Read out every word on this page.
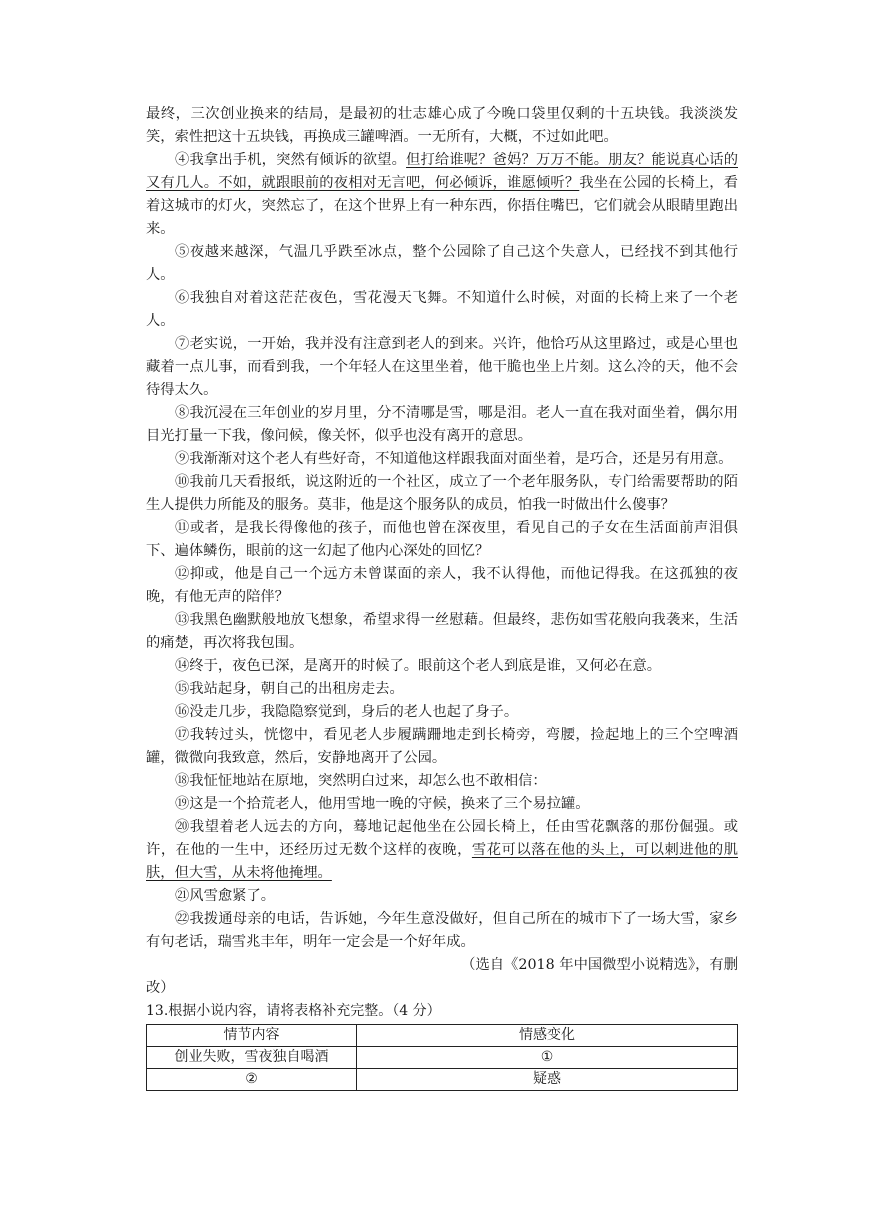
最终，三次创业换来的结局，是最初的壮志雄心成了今晚口袋里仅剩的十五块钱。我淡淡发笑，索性把这十五块钱，再换成三罐啤酒。一无所有，大概，不过如此吧。

④我拿出手机，突然有倾诉的欲望。但打给谁呢？爸妈？万万不能。朋友？能说真心话的又有几人。不如，就跟眼前的夜相对无言吧，何必倾诉，谁愿倾听？我坐在公园的长椅上，看着这城市的灯火，突然忘了，在这个世界上有一种东西，你捂住嘴巴，它们就会从眼睛里跑出来。

⑤夜越来越深，气温几乎跌至冰点，整个公园除了自己这个失意人，已经找不到其他行人。

⑥我独自对着这茫茫夜色，雪花漫天飞舞。不知道什么时候，对面的长椅上来了一个老人。

⑦老实说，一开始，我并没有注意到老人的到来。兴许，他恰巧从这里路过，或是心里也藏着一点儿事，而看到我，一个年轻人在这里坐着，他干脆也坐上片刻。这么冷的天，他不会待得太久。

⑧我沉浸在三年创业的岁月里，分不清哪是雪，哪是泪。老人一直在我对面坐着，偶尔用目光打量一下我，像问候，像关怀，似乎也没有离开的意思。

⑨我渐渐对这个老人有些好奇，不知道他这样跟我面对面坐着，是巧合，还是另有用意。

⑩我前几天看报纸，说这附近的一个社区，成立了一个老年服务队，专门给需要帮助的陌生人提供力所能及的服务。莫非，他是这个服务队的成员，怕我一时做出什么傻事？

⑪或者，是我长得像他的孩子，而他也曾在深夜里，看见自己的子女在生活面前声泪俱下、遍体鳞伤，眼前的这一幻起了他内心深处的回忆？

⑫抑或，他是自己一个远方未曾谋面的亲人，我不认得他，而他记得我。在这孤独的夜晚，有他无声的陪伴？

⑬我黑色幽默般地放飞想象，希望求得一丝慰藉。但最终，悲伤如雪花般向我袭来，生活的痛楚，再次将我包围。

⑭终于，夜色已深，是离开的时候了。眼前这个老人到底是谁，又何必在意。

⑮我站起身，朝自己的出租房走去。

⑯没走几步，我隐隐察觉到，身后的老人也起了身子。

⑰我转过头，恍惚中，看见老人步履蹒跚地走到长椅旁，弯腰，捡起地上的三个空啤酒罐，微微向我致意，然后，安静地离开了公园。

⑱我怔怔地站在原地，突然明白过来，却怎么也不敢相信：

⑲这是一个拾荒老人，他用雪地一晚的守候，换来了三个易拉罐。

⑳我望着老人远去的方向，蓦地记起他坐在公园长椅上，任由雪花飘落的那份倔强。或许，在他的一生中，还经历过无数个这样的夜晚，雪花可以落在他的头上，可以刺进他的肌肤，但大雪，从未将他掩埋。

㉑风雪愈紧了。

㉒我拨通母亲的电话，告诉她，今年生意没做好，但自己所在的城市下了一场大雪，家乡有句老话，瑞雪兆丰年，明年一定会是一个好年成。

（选自《2018 年中国微型小说精选》，有删

改）

13.根据小说内容，请将表格补充完整。（4 分）

情节内容	情感变化
创业失败，雪夜独自喝酒	①
②	疑惑
